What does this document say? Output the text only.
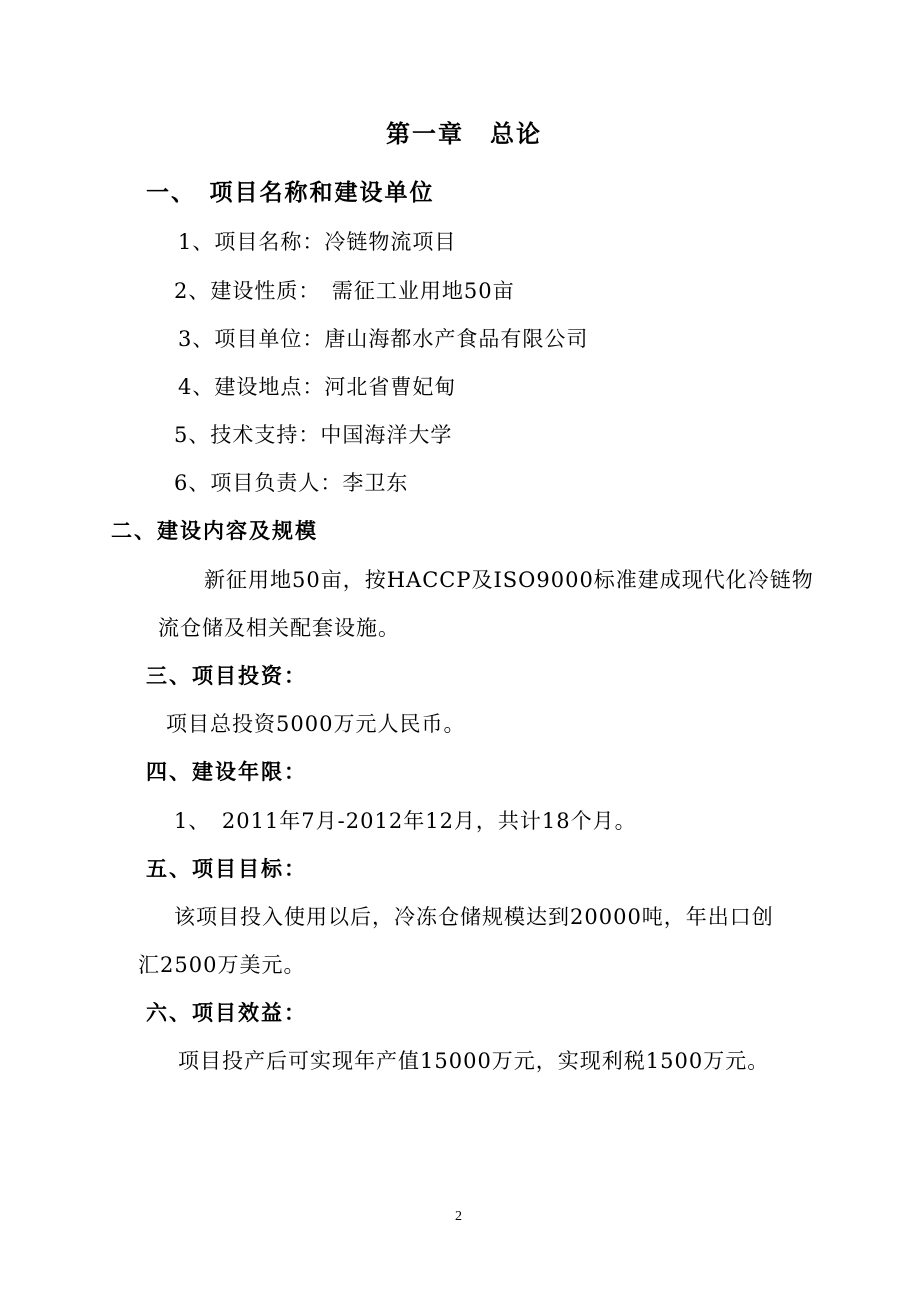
第一章　总论
一、　项目名称和建设单位
1、项目名称：冷链物流项目
2、建设性质：　需征工业用地50亩
3、项目单位：唐山海都水产食品有限公司
4、建设地点：河北省曹妃甸
5、技术支持：中国海洋大学
6、项目负责人：李卫东
二、建设内容及规模
新征用地50亩，按HACCP及ISO9000标准建成现代化冷链物
流仓储及相关配套设施。
三、项目投资：
项目总投资5000万元人民币。
四、建设年限：
1、　2011年7月-2012年12月，共计18个月。
五、项目目标：
该项目投入使用以后，冷冻仓储规模达到20000吨，年出口创
汇2500万美元。
六、项目效益：
项目投产后可实现年产值15000万元，实现利税1500万元。
2
